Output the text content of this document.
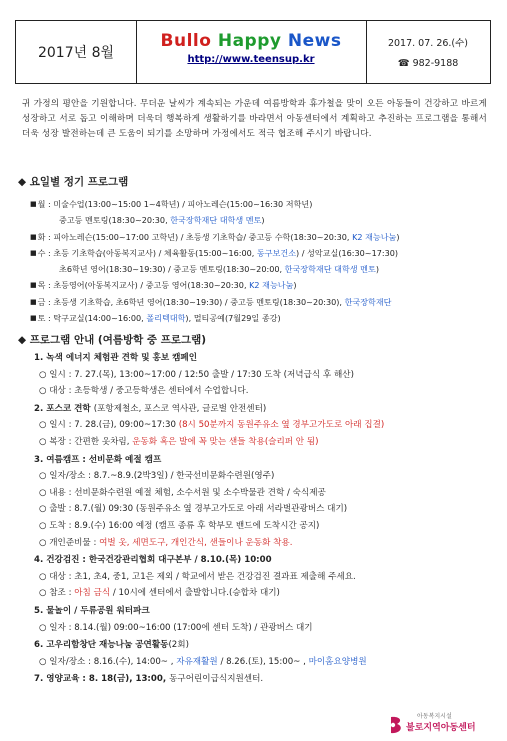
2017년 8월
Bullo Happy News
http://www.teensup.kr
2017. 07. 26.(수)
☎ 982-9188
귀 가정의 평안을 기원합니다. 무더운 날씨가 계속되는 가운데 여름방학과 휴가철을 맞이 오든 아동들이 건강하고 바르게 성장하고 서로 돕고 이해하며 더욱더 행복하게 생활하기를 바라면서 아동센터에서 계획하고 추진하는 프로그램을 통해서 더욱 성장 발전하는데 큰 도움이 되기를 소망하며 가정에서도 적극 협조해 주시기 바랍니다.
◆ 요일별 정기 프로그램
■월 : 미술수업(13:00~15:00 1~4학년) / 피아노레슨(15:00~16:30 저학년)
중고등 멘토링(18:30~20:30, 한국장학재단 대학생 멘토)
■화 : 피아노레슨(15:00~17:00 고학년) / 초등생 기초학습/ 중고등 수학(18:30~20:30, K2 재능나눔)
■수 : 초등 기초학습(아동복지교사) / 체육활동(15:00~16:00, 동구보건소) / 성악교실(16:30~17:30)
초6학년 영어(18:30~19:30) / 중고등 멘토링(18:30~20:00, 한국장학재단 대학생 멘토)
■목 : 초등영어(아동복지교사) / 중고등 영어(18:30~20:30, K2 재능나눔)
■금 : 초등생 기초학습, 초6학년 영어(18:30~19:30) / 중고등 멘토링(18:30~20:30), 한국장학재단
■토 : 탁구교실(14:00~16:00, 폴리텍대학), 멀티공예(7월29일 종강)
◆ 프로그램 안내 (여름방학 중 프로그램)
1. 녹색 에너지 체험관 견학 및 홍보 캠페인
○ 일시 : 7. 27.(목), 13:00~17:00 / 12:50 출발 / 17:30 도착 (저녁급식 후 해산)
○ 대상 : 초등학생 / 중고등학생은 센터에서 수업합니다.
2. 포스코 견학 (포항제철소, 포스코 역사관, 글로벌 안전센터)
○ 일시 : 7. 28.(금), 09:00~17:30 (8시 50분까지 동원주유소 옆 경부고가도로 아래 집결)
○ 복장 : 간편한 옷차림, 운동화 혹은 발에 꼭 맞는 샌들 착용(슬리퍼 안 됨)
3. 여름캠프 : 선비문화 예절 캠프
○ 일자/장소 : 8.7.~8.9.(2박3일) / 한국선비문화수련원(영주)
○ 내용 : 선비문화수련원 예절 체험, 소수서원 및 소수박물관 견학 / 숙식제공
○ 출발 : 8.7.(월) 09:30 (동원주유소 옆 경부고가도로 아래 서라벌관광버스 대기)
○ 도착 : 8.9.(수) 16:00 예정 (캠프 종류 후 학부모 밴드에 도착시간 공지)
○ 개인준비물 : 여벌 옷, 세면도구, 개인간식, 샌들이나 운동화 착용.
4. 건강검진 : 한국건강관리협회 대구본부 / 8.10.(목) 10:00
○ 대상 : 초1, 초4, 중1, 고1은 제외 / 학교에서 받은 건강검진 결과표 제출해 주세요.
○ 참조 : 아침 금식 / 10시에 센터에서 출발합니다.(승합차 대기)
5. 물놀이 / 두류공원 워터파크
○ 일자 : 8.14.(월) 09:00~16:00 (17:00에 센터 도착) / 관광버스 대기
6. 고우리함창단 재능나눔 공연활동(2회)
○ 일자/장소 : 8.16.(수), 14:00~ , 자유재활원 / 8.26.(토), 15:00~ , 마이홈요양병원
7. 영양교육 : 8. 18(금), 13:00, 동구어린이급식지원센터.
아동복지시설
불로지역아동센터
